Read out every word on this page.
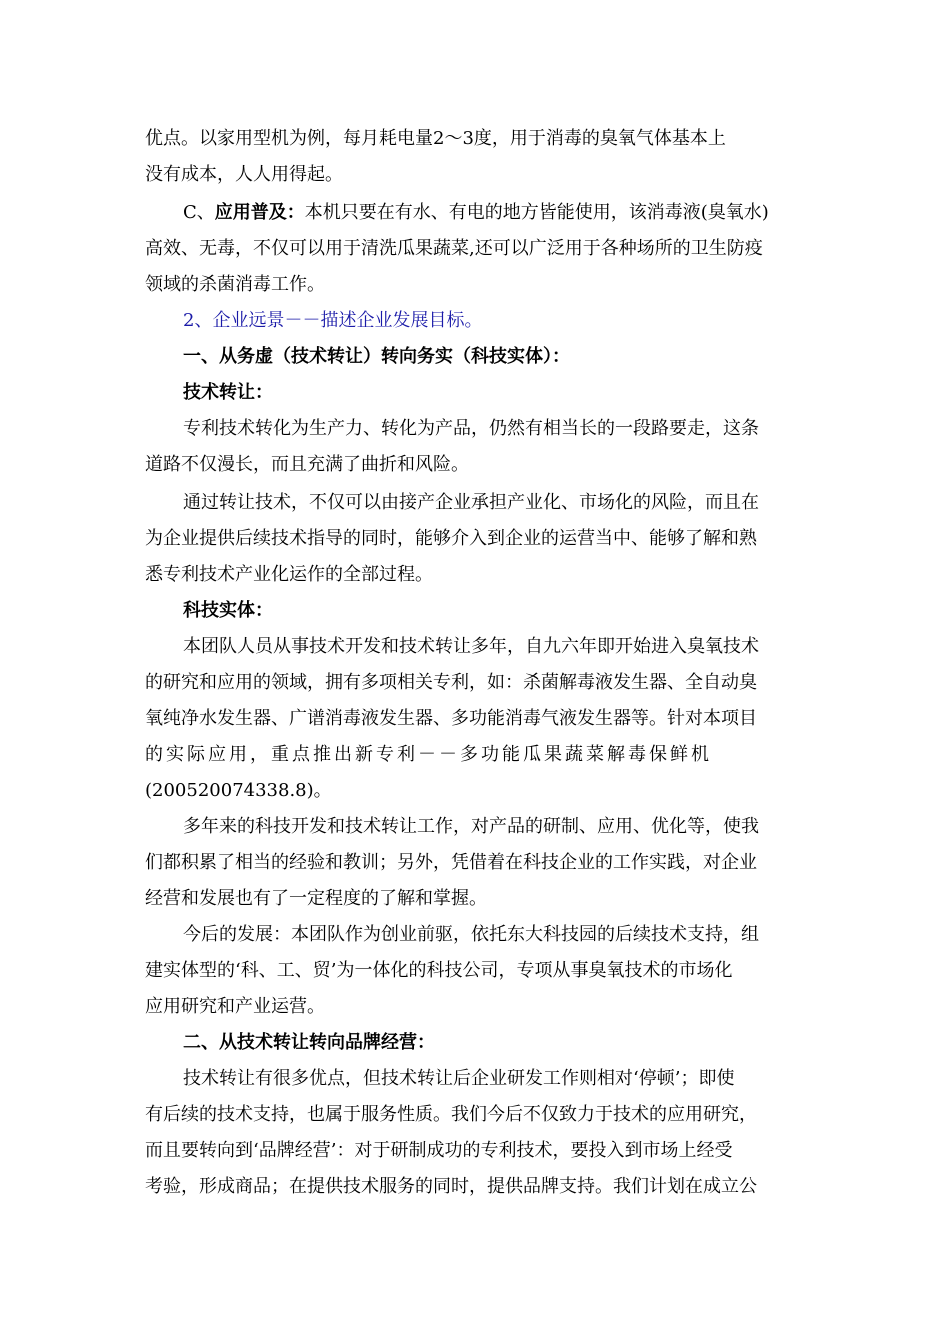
优点。以家用型机为例，每月耗电量2～3度，用于消毒的臭氧气体基本上
没有成本，人人用得起。
C、应用普及：本机只要在有水、有电的地方皆能使用，该消毒液(臭氧水)
高效、无毒，不仅可以用于清洗瓜果蔬菜,还可以广泛用于各种场所的卫生防疫
领域的杀菌消毒工作。
2、企业远景－－描述企业发展目标。
一、从务虚（技术转让）转向务实（科技实体）：
技术转让：
专利技术转化为生产力、转化为产品，仍然有相当长的一段路要走，这条
道路不仅漫长，而且充满了曲折和风险。
通过转让技术，不仅可以由接产企业承担产业化、市场化的风险，而且在
为企业提供后续技术指导的同时，能够介入到企业的运营当中、能够了解和熟
悉专利技术产业化运作的全部过程。
科技实体：
本团队人员从事技术开发和技术转让多年，自九六年即开始进入臭氧技术
的研究和应用的领域，拥有多项相关专利，如：杀菌解毒液发生器、全自动臭
氧纯净水发生器、广谱消毒液发生器、多功能消毒气液发生器等。针对本项目
的实际应用，重点推出新专利－－多功能瓜果蔬菜解毒保鲜机
(200520074338.8)。
多年来的科技开发和技术转让工作，对产品的研制、应用、优化等，使我
们都积累了相当的经验和教训；另外，凭借着在科技企业的工作实践，对企业
经营和发展也有了一定程度的了解和掌握。
今后的发展：本团队作为创业前驱，依托东大科技园的后续技术支持，组
建实体型的‘科、工、贸’为一体化的科技公司，专项从事臭氧技术的市场化
应用研究和产业运营。
二、从技术转让转向品牌经营：
技术转让有很多优点，但技术转让后企业研发工作则相对‘停顿’；即使
有后续的技术支持，也属于服务性质。我们今后不仅致力于技术的应用研究，
而且要转向到‘品牌经营’：对于研制成功的专利技术，要投入到市场上经受
考验，形成商品；在提供技术服务的同时，提供品牌支持。我们计划在成立公
